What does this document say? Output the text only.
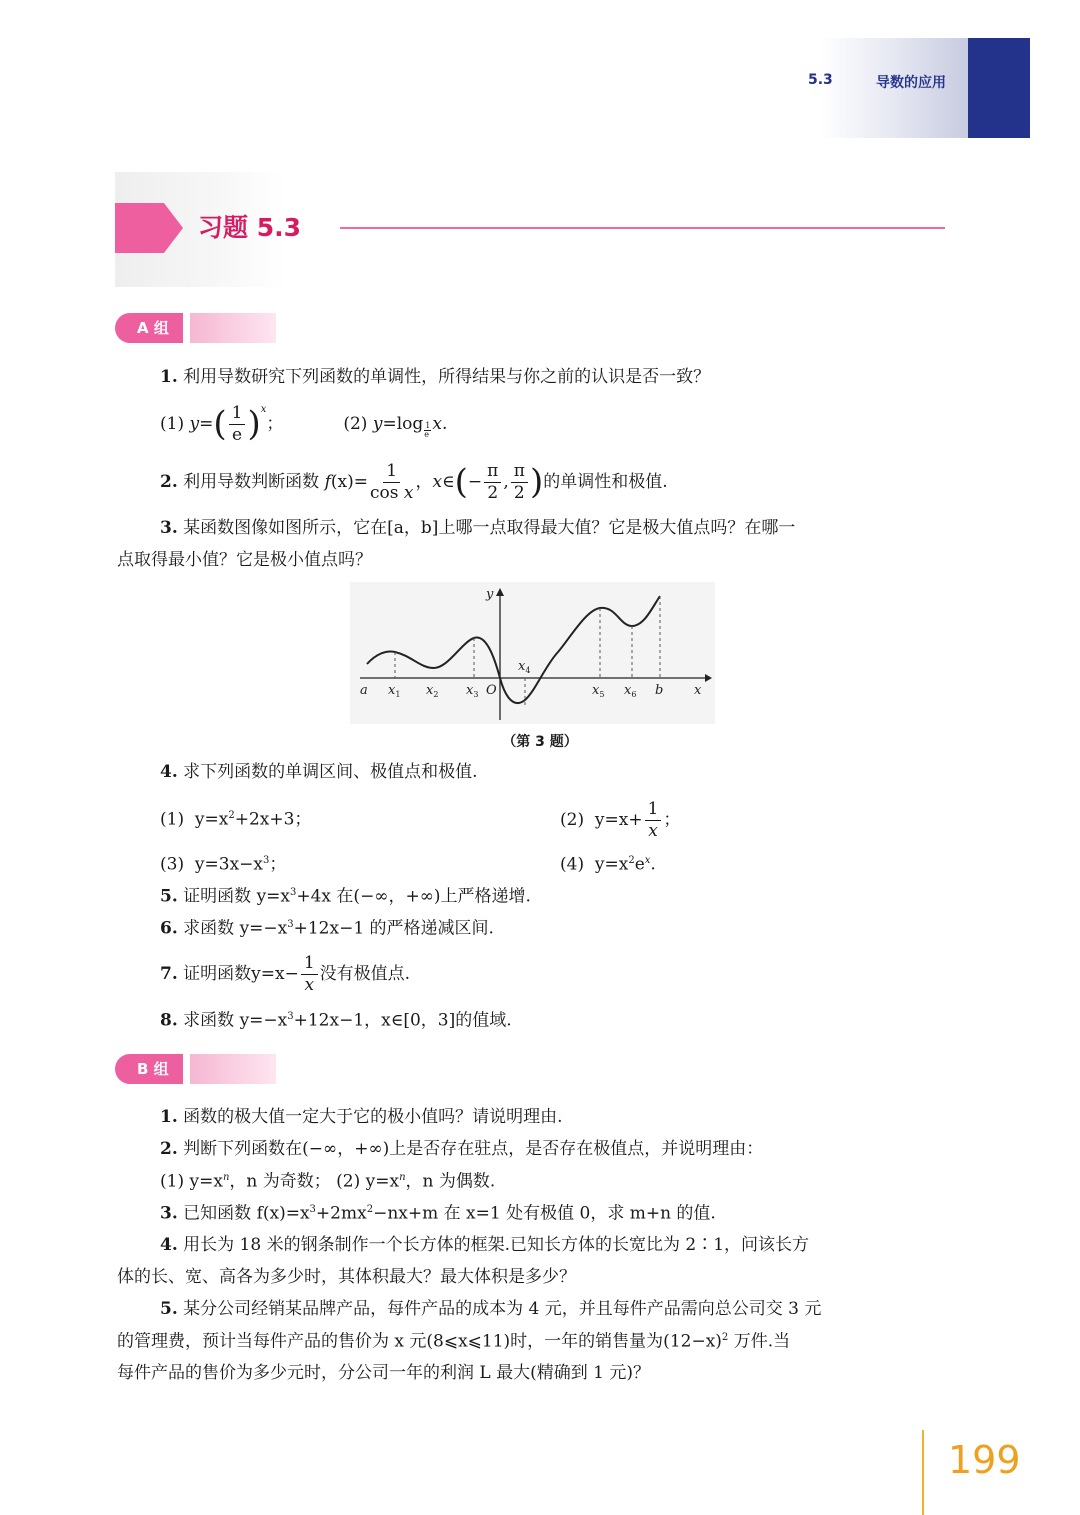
5.3	导数的应用
习题 5.3
A 组
1. 利用导数研究下列函数的单调性，所得结果与你之前的认识是否一致？
(1)
y = ( $\frac{1}{e} )^x$
；	(2)
y =log 1
e
x .
2.
利用导数判断函数
f $(x) = \frac{1}{\text{cos x}}$ ， x ∈ ( − $\frac{\pi}{2}$ , $\frac{\pi}{2}$ ) 的单调性和极值.
3. 某函数图像如图所示，它在[a，b]上哪一点取得最大值？它是极大值点吗？在哪一
点取得最小值？它是极小值点吗？
a $x_1$ $x_2$ $x_3$ O
$x_4$
$x_5$ $x_6$ b x
y
（第 3 题）
4. 求下列函数的单调区间、极值点和极值.
(1) $y=x^2+2x+3$；	(2)
$y=x+ \frac{1}{x}$ ；
(3) $y=3x-x^3$；	(4) $y=x^2e^x$.
5. 证明函数 $y=x^3+4x$ 在(−∞，+∞)上严格递增.
6. 求函数 $y=-x^3+12x-1$ 的严格递减区间.
7.
证明函数 $y=x- \frac{1}{x}$ 没有极值点.
8. 求函数 $y=-x^3+12x-1$，x∈[0，3]的值域.
B 组
1. 函数的极大值一定大于它的极小值吗？请说明理由.
2. 判断下列函数在(−∞，+∞)上是否存在驻点，是否存在极值点，并说明理由：
(1) $y=x^n$，n 为奇数； (2) $y=x^n$，n 为偶数.
3. 已知函数 $f(x)=x^3+2mx^2-nx+m$ 在 x=1 处有极值 0，求 m+n 的值.
4. 用长为 18 米的钢条制作一个长方体的框架.已知长方体的长宽比为 2∶1，问该长方
体的长、宽、高各为多少时，其体积最大？最大体积是多少？
5. 某分公司经销某品牌产品，每件产品的成本为 4 元，并且每件产品需向总公司交 3 元
的管理费，预计当每件产品的售价为 x 元(8⩽x⩽11)时，一年的销售量为$(12-x)^2$ 万件.当
每件产品的售价为多少元时，分公司一年的利润 L 最大(精确到 1 元)？
199
